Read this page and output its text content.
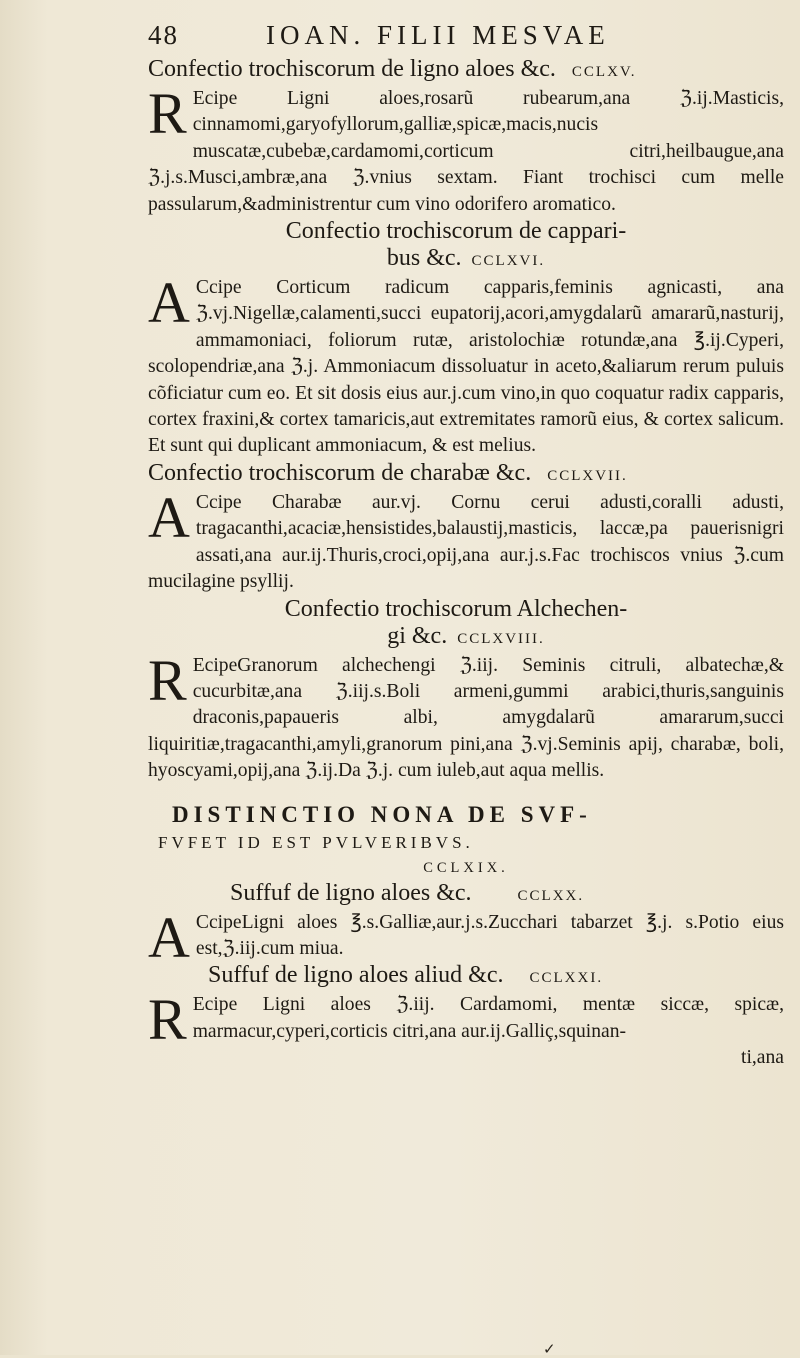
48	IOAN. FILII MESVAE
Confectio trochiscorum de ligno aloes &c. CCLXV.

R Ecipe Ligni aloes,rosarũ rubearum,ana ℨ.ij.Masticis, cinnamomi,garyofyllorum,galliæ,spicæ,macis,nucis muscatæ,cubebæ,cardamomi,corticum citri,heilbaugue,ana ℨ.j.s.Musci,ambræ,ana ℨ.vnius sextam. Fiant trochisci cum melle passularum,&administrentur cum vino odorifero aromatico.

Confectio trochiscorum de cappari-
bus &c. CCLXVI.

A Ccipe Corticum radicum capparis,feminis agnicasti, ana ℨ.vj.Nigellæ,calamenti,succi eupatorij,acori,amygdalarũ amararũ,nasturij, ammamoniaci, foliorum rutæ, aristolochiæ rotundæ,ana ℥.ij.Cyperi, scolopendriæ,ana ℨ.j. Ammoniacum dissoluatur in aceto,&aliarum rerum puluis cõficiatur cum eo. Et sit dosis eius aur.j.cum vino,in quo coquatur radix capparis, cortex fraxini,& cortex tamaricis,aut extremitates ramorũ eius, & cortex salicum. Et sunt qui duplicant ammoniacum, & est melius.

Confectio trochiscorum de charabæ &c. CCLXVII.

A Ccipe Charabæ aur.vj. Cornu cerui adusti,coralli adusti, tragacanthi,acaciæ,hensistides,balaustij,masticis, laccæ,pa pauerisnigri assati,ana aur.ij.Thuris,croci,opij,ana aur.j.s.Fac trochiscos vnius ℨ.cum mucilagine psyllij.

Confectio trochiscorum Alchechen-
gi &c. CCLXVIII.

R EcipeGranorum alchechengi ℨ.iij. Seminis citruli, albatechæ,& cucurbitæ,ana ℨ.iij.s.Boli armeni,gummi arabici,thuris,sanguinis draconis,papaueris albi, amygdalarũ amararum,succi liquiritiæ,tragacanthi,amyli,granorum pini,ana ℨ.vj.Seminis apij, charabæ, boli, hyoscyami,opij,ana ℨ.ij.Da ℨ.j. cum iuleb,aut aqua mellis.

DISTINCTIO NONA DE SVF-
FVFET ID EST PVLVERIBVS.
CCLXIX.
Suffuf de ligno aloes &c.	CCLXX.

A CcipeLigni aloes ℥.s.Galliæ,aur.j.s.Zucchari tabarzet ℥.j. s.Potio eius est,ℨ.iij.cum miua.

Suffuf de ligno aloes aliud &c. CCLXXI.

R Ecipe Ligni aloes ℨ.iij. Cardamomi, mentæ siccæ, spicæ, marmacur,cyperi,corticis citri,ana aur.ij.Galliç,squinan-
ti,ana

✓
